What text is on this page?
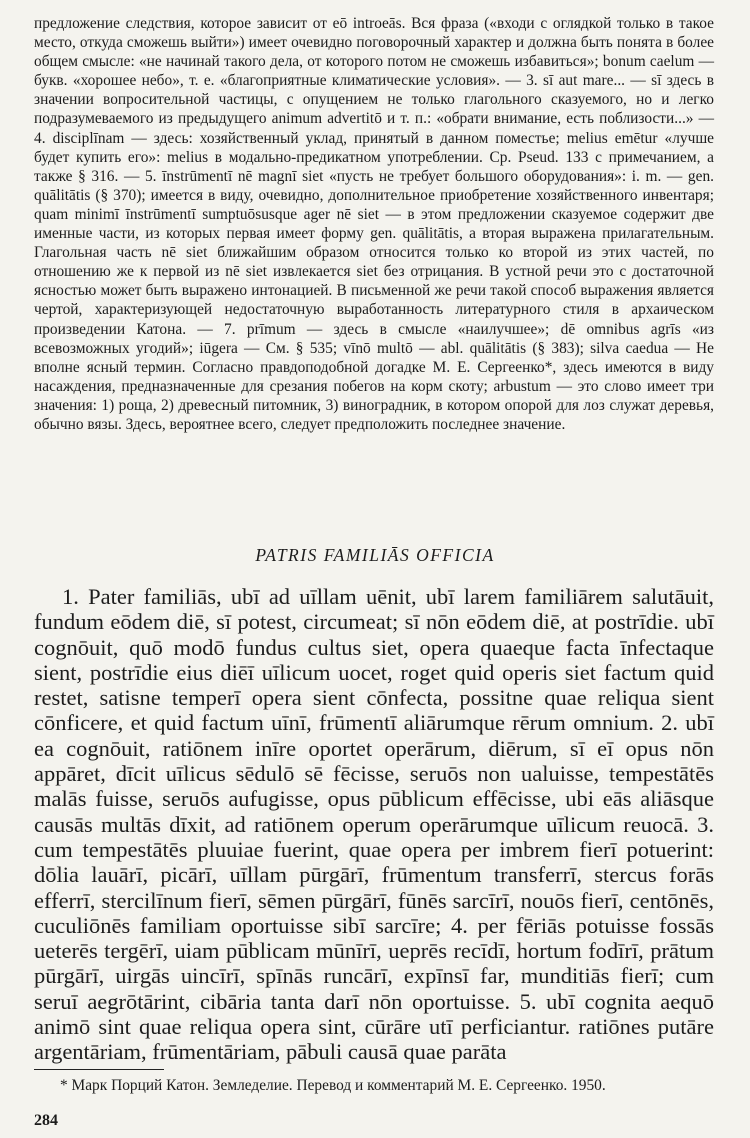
предложение следствия, которое зависит от eō introeās. Вся фраза («входи с оглядкой только в такое место, откуда сможешь выйти») имеет очевидно поговорочный характер и должна быть понята в более общем смысле: «не начинай такого дела, от которого потом не сможешь избавиться»; bonum caelum — букв. «хорошее небо», т. е. «благоприятные климатические условия». — 3. sī aut mare... — sī здесь в значении вопросительной частицы, с опущением не только глагольного сказуемого, но и легко подразумеваемого из предыдущего animum advertitō и т. п.: «обрати внимание, есть поблизости...» — 4. disciplīnam — здесь: хозяйственный уклад, принятый в данном поместье; melius emētur «лучше будет купить его»: melius в модально-предикатном употреблении. Ср. Pseud. 133 с примечанием, а также § 316. — 5. īnstrūmentī nē magnī siet «пусть не требует большого оборудования»: i. m. — gen. quālitātis (§ 370); имеется в виду, очевидно, дополнительное приобретение хозяйственного инвентаря; quam minimī īnstrūmentī sumptuōsusque ager nē siet — в этом предложении сказуемое содержит две именные части, из которых первая имеет форму gen. quālitātis, а вторая выражена прилагательным. Глагольная часть nē siet ближайшим образом относится только ко второй из этих частей, по отношению же к первой из nē siet извлекается siet без отрицания. В устной речи это с достаточной ясностью может быть выражено интонацией. В письменной же речи такой способ выражения является чертой, характеризующей недостаточную выработанность литературного стиля в архаическом произведении Катона. — 7. prīmum — здесь в смысле «наилучшее»; dē omnibus agrīs «из всевозможных угодий»; iūgera — См. § 535; vīnō multō — abl. quālitātis (§ 383); silva caedua — Не вполне ясный термин. Согласно правдоподобной догадке М. Е. Сергеенко*, здесь имеются в виду насаждения, предназначенные для срезания побегов на корм скоту; arbustum — это слово имеет три значения: 1) роща, 2) древесный питомник, 3) виноградник, в котором опорой для лоз служат деревья, обычно вязы. Здесь, вероятнее всего, следует предположить последнее значение.

PATRIS FAMILIĀS OFFICIA

1. Pater familiās, ubī ad uīllam uēnit, ubī larem familiārem salutāuit, fundum eōdem diē, sī potest, circumeat; sī nōn eōdem diē, at postrīdie. ubī cognōuit, quō modō fundus cultus siet, opera quaeque facta īnfectaque sient, postrīdie eius diēī uīlicum uocet, roget quid operis siet factum quid restet, satisne temperī opera sient cōnfecta, possitne quae reliqua sient cōnficere, et quid factum uīnī, frūmentī aliārumque rērum omnium. 2. ubī ea cognōuit, ratiōnem inīre oportet operārum, diērum, sī eī opus nōn appāret, dīcit uīlicus sēdulō sē fēcisse, seruōs non ualuisse, tempestātēs malās fuisse, seruōs aufugisse, opus pūblicum effēcisse, ubi eās aliāsque causās multās dīxit, ad ratiōnem operum operārumque uīlicum reuocā. 3. cum tempestātēs pluuiae fuerint, quae opera per imbrem fierī potuerint: dōlia lauārī, picārī, uīllam pūrgārī, frūmentum transferrī, stercus forās efferrī, stercilīnum fierī, sēmen pūrgārī, fūnēs sarcīrī, nouōs fierī, centōnēs, cuculiōnēs familiam oportuisse sibī sarcīre; 4. per fēriās potuisse fossās ueterēs tergērī, uiam pūblicam mūnīrī, ueprēs recīdī, hortum fodīrī, prātum pūrgārī, uirgās uincīrī, spīnās runcārī, expīnsī far, munditiās fierī; cum seruī aegrōtārint, cibāria tanta darī nōn oportuisse. 5. ubī cognita aequō animō sint quae reliqua opera sint, cūrāre utī perficiantur. ratiōnes putāre argentāriam, frūmentāriam, pābuli causā quae parāta

* Марк Порций Катон. Земледелие. Перевод и комментарий М. Е. Сергеенко. 1950.
284
